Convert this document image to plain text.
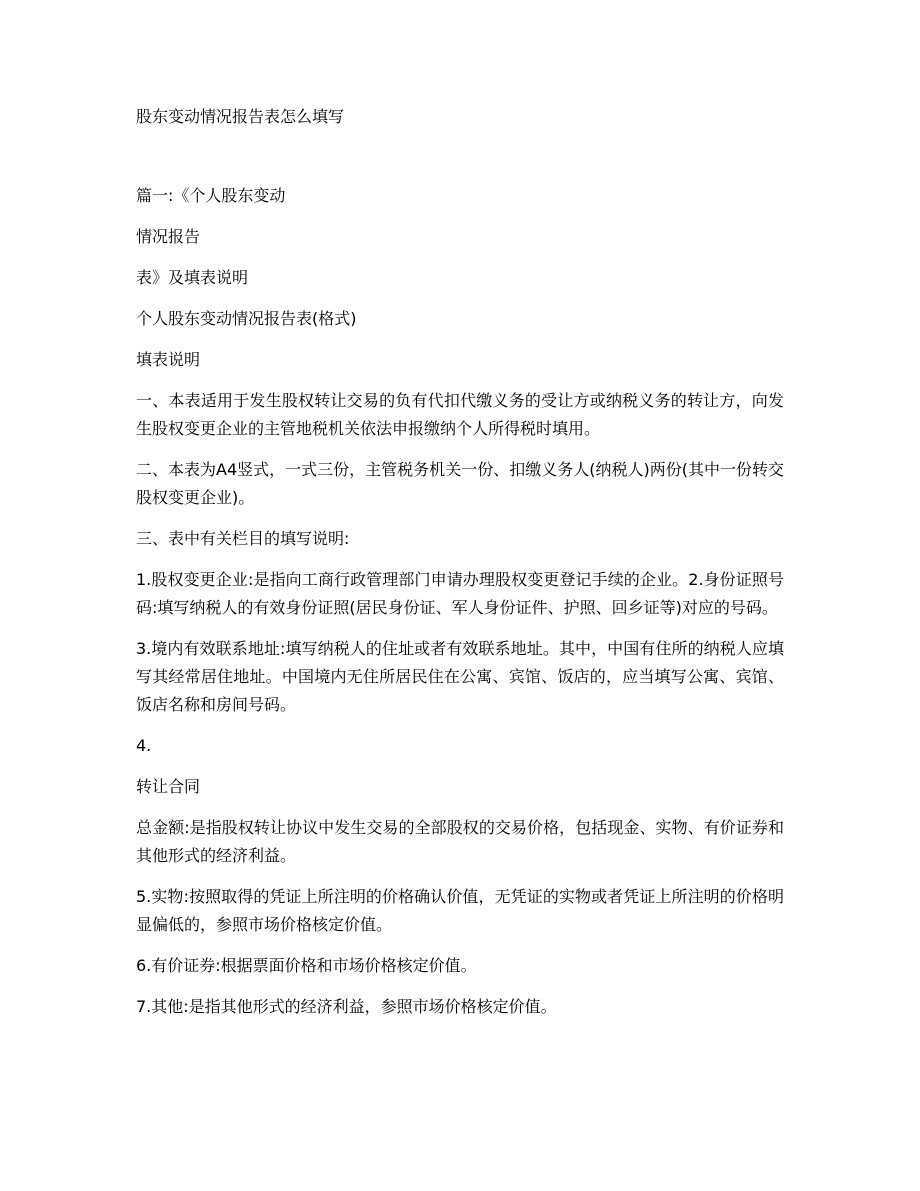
股东变动情况报告表怎么填写

篇一:《个人股东变动

情况报告

表》及填表说明

个人股东变动情况报告表(格式)

填表说明

一、本表适用于发生股权转让交易的负有代扣代缴义务的受让方或纳税义务的转让方，向发生股权变更企业的主管地税机关依法申报缴纳个人所得税时填用。

二、本表为A4竖式，一式三份，主管税务机关一份、扣缴义务人(纳税人)两份(其中一份转交股权变更企业)。

三、表中有关栏目的填写说明:

1.股权变更企业:是指向工商行政管理部门申请办理股权变更登记手续的企业。2.身份证照号码:填写纳税人的有效身份证照(居民身份证、军人身份证件、护照、回乡证等)对应的号码。

3.境内有效联系地址:填写纳税人的住址或者有效联系地址。其中，中国有住所的纳税人应填写其经常居住地址。中国境内无住所居民住在公寓、宾馆、饭店的，应当填写公寓、宾馆、饭店名称和房间号码。

4.

转让合同

总金额:是指股权转让协议中发生交易的全部股权的交易价格，包括现金、实物、有价证券和其他形式的经济利益。

5.实物:按照取得的凭证上所注明的价格确认价值，无凭证的实物或者凭证上所注明的价格明显偏低的，参照市场价格核定价值。

6.有价证券:根据票面价格和市场价格核定价值。

7.其他:是指其他形式的经济利益，参照市场价格核定价值。
